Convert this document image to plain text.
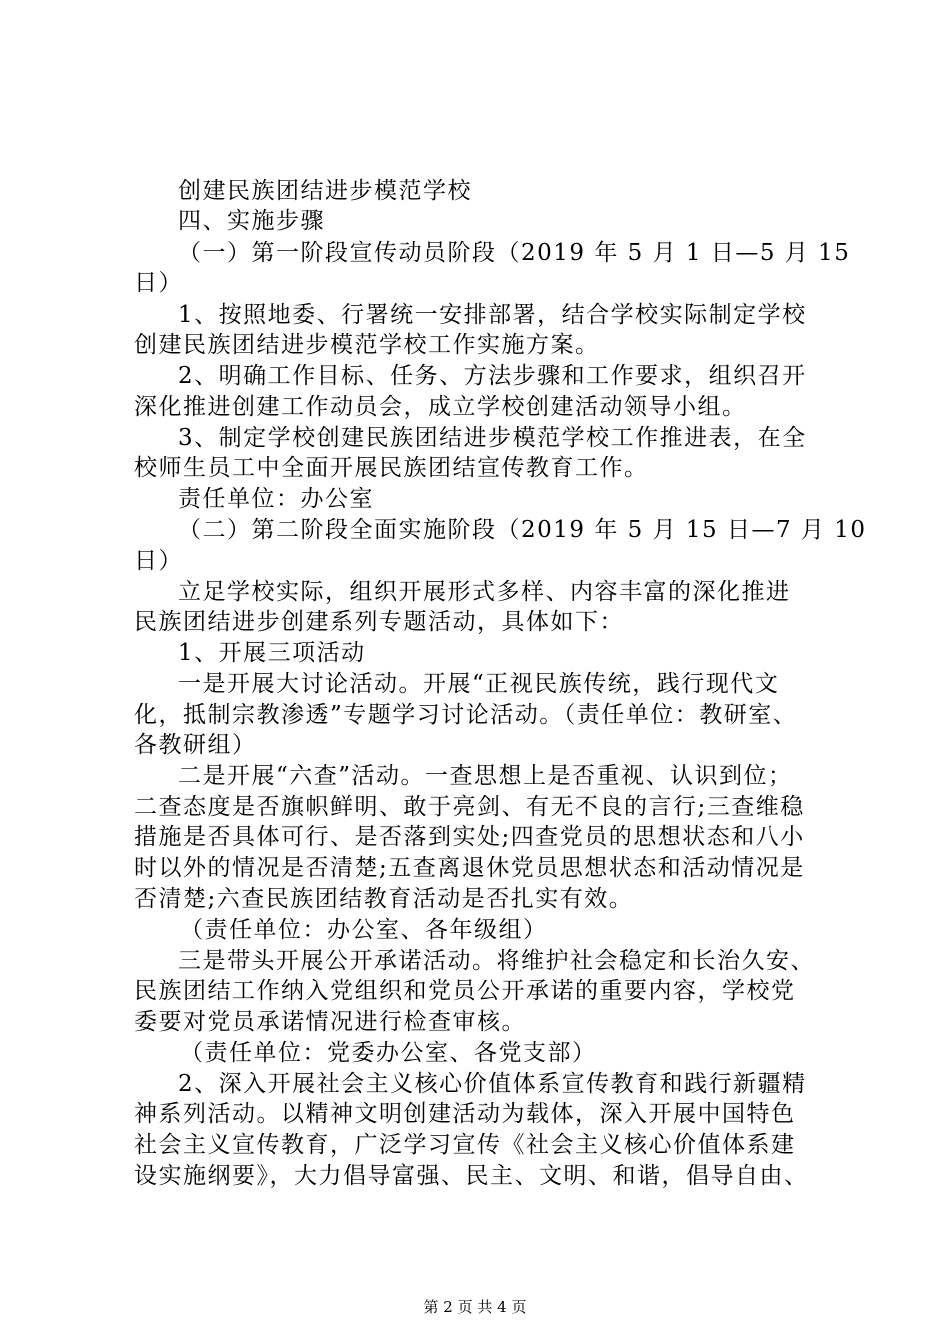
创建民族团结进步模范学校
四、实施步骤
（一）第一阶段宣传动员阶段（2019 年 5 月 1 日—5 月 15
日）
1、按照地委、行署统一安排部署，结合学校实际制定学校
创建民族团结进步模范学校工作实施方案。
2、明确工作目标、任务、方法步骤和工作要求，组织召开
深化推进创建工作动员会，成立学校创建活动领导小组。
3、制定学校创建民族团结进步模范学校工作推进表，在全
校师生员工中全面开展民族团结宣传教育工作。
责任单位：办公室
（二）第二阶段全面实施阶段（2019 年 5 月 15 日—7 月 10
日）
立足学校实际，组织开展形式多样、内容丰富的深化推进
民族团结进步创建系列专题活动，具体如下：
1、开展三项活动
一是开展大讨论活动。开展“正视民族传统，践行现代文
化，抵制宗教渗透”专题学习讨论活动。（责任单位：教研室、
各教研组）
二是开展“六查”活动。一查思想上是否重视、认识到位；
二查态度是否旗帜鲜明、敢于亮剑、有无不良的言行;三查维稳
措施是否具体可行、是否落到实处;四查党员的思想状态和八小
时以外的情况是否清楚;五查离退休党员思想状态和活动情况是
否清楚;六查民族团结教育活动是否扎实有效。
（责任单位：办公室、各年级组）
三是带头开展公开承诺活动。将维护社会稳定和长治久安、
民族团结工作纳入党组织和党员公开承诺的重要内容，学校党
委要对党员承诺情况进行检查审核。
（责任单位：党委办公室、各党支部）
2、深入开展社会主义核心价值体系宣传教育和践行新疆精
神系列活动。以精神文明创建活动为载体，深入开展中国特色
社会主义宣传教育，广泛学习宣传《社会主义核心价值体系建
设实施纲要》，大力倡导富强、民主、文明、和谐，倡导自由、
第 2 页 共 4 页
